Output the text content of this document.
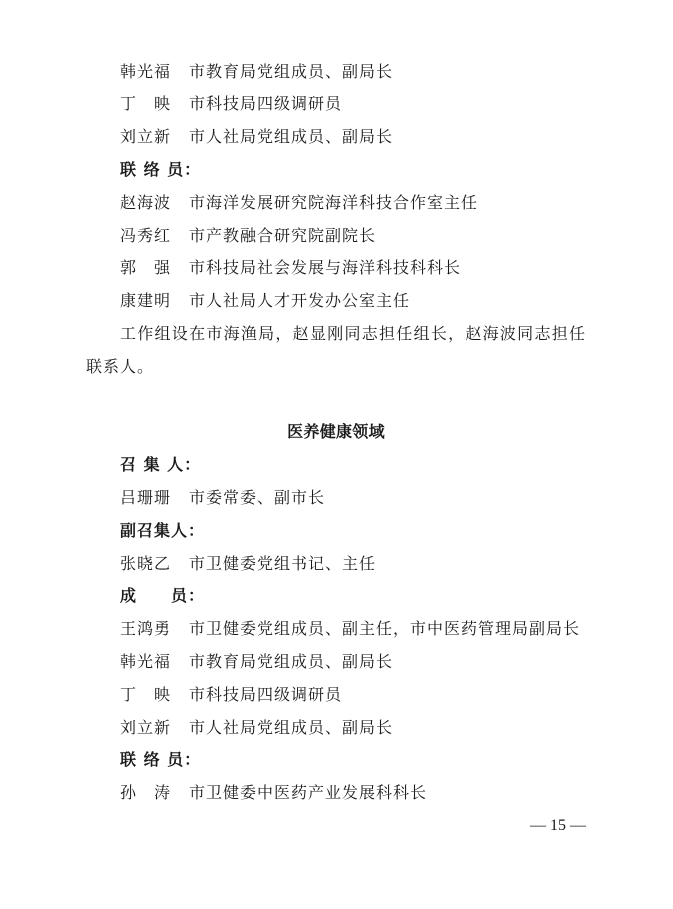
韩光福 市教育局党组成员、副局长
丁　映 市科技局四级调研员
刘立新 市人社局党组成员、副局长
联 络 员：
赵海波 市海洋发展研究院海洋科技合作室主任
冯秀红 市产教融合研究院副院长
郭　强 市科技局社会发展与海洋科技科科长
康建明 市人社局人才开发办公室主任
工作组设在市海渔局，赵显刚同志担任组长，赵海波同志担任
联系人。
医养健康领域
召 集 人：
吕珊珊 市委常委、副市长
副召集人：
张晓乙 市卫健委党组书记、主任
成　　员：
王鸿勇 市卫健委党组成员、副主任，市中医药管理局副局长
韩光福 市教育局党组成员、副局长
丁　映 市科技局四级调研员
刘立新 市人社局党组成员、副局长
联 络 员：
孙　涛 市卫健委中医药产业发展科科长
— 15 —
